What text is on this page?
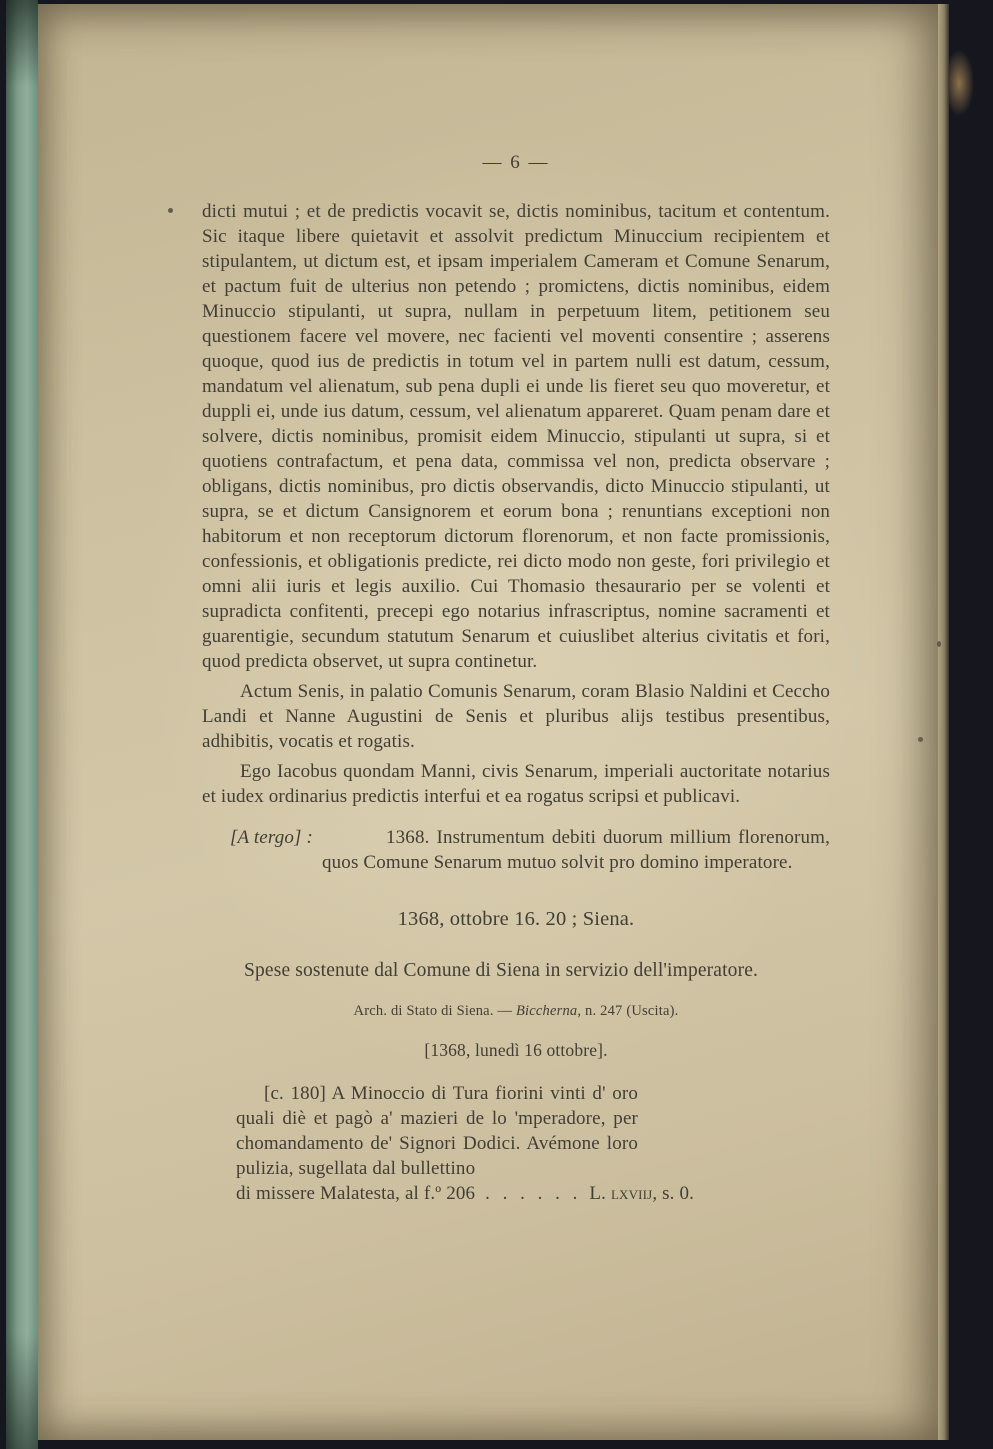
— 6 —

dicti mutui ; et de predictis vocavit se, dictis nominibus, tacitum et contentum. Sic itaque libere quietavit et assolvit predictum Minuccium recipientem et stipulantem, ut dictum est, et ipsam imperialem Cameram et Comune Senarum, et pactum fuit de ulterius non petendo ; promictens, dictis nominibus, eidem Minuccio stipulanti, ut supra, nullam in perpetuum litem, petitionem seu questionem facere vel movere, nec facienti vel moventi consentire ; asserens quoque, quod ius de predictis in totum vel in partem nulli est datum, cessum, mandatum vel alienatum, sub pena dupli ei unde lis fieret seu quo moveretur, et duppli ei, unde ius datum, cessum, vel alienatum appareret. Quam penam dare et solvere, dictis nominibus, promisit eidem Minuccio, stipulanti ut supra, si et quotiens contrafactum, et pena data, commissa vel non, predicta observare ; obligans, dictis nominibus, pro dictis observandis, dicto Minuccio stipulanti, ut supra, se et dictum Cansignorem et eorum bona ; renuntians exceptioni non habitorum et non receptorum dictorum florenorum, et non facte promissionis, confessionis, et obligationis predicte, rei dicto modo non geste, fori privilegio et omni alii iuris et legis auxilio. Cui Thomasio thesaurario per se volenti et supradicta confitenti, precepi ego notarius infrascriptus, nomine sacramenti et guarentigie, secundum statutum Senarum et cuiuslibet alterius civitatis et fori, quod predicta observet, ut supra continetur.

Actum Senis, in palatio Comunis Senarum, coram Blasio Naldini et Ceccho Landi et Nanne Augustini de Senis et pluribus alijs testibus presentibus, adhibitis, vocatis et rogatis.

Ego Iacobus quondam Manni, civis Senarum, imperiali auctoritate notarius et iudex ordinarius predictis interfui et ea rogatus scripsi et publicavi.

[A tergo] :	1368. Instrumentum debiti duorum millium florenorum, quos Comune Senarum mutuo solvit pro domino imperatore.

1368, ottobre 16. 20 ; Siena.

Spese sostenute dal Comune di Siena in servizio dell'imperatore.

Arch. di Stato di Siena. — Biccherna, n. 247 (Uscita).

[1368, lunedì 16 ottobre].

[c. 180] A Minoccio di Tura fiorini vinti d' oro quali diè et pagò a' mazieri de lo 'mperadore, per chomandamento de' Signori Dodici. Avémone loro pulizia, sugellata dal bullettino

di missere Malatesta, al f.º 206 . . . . . . L. lxviij, s. 0.
